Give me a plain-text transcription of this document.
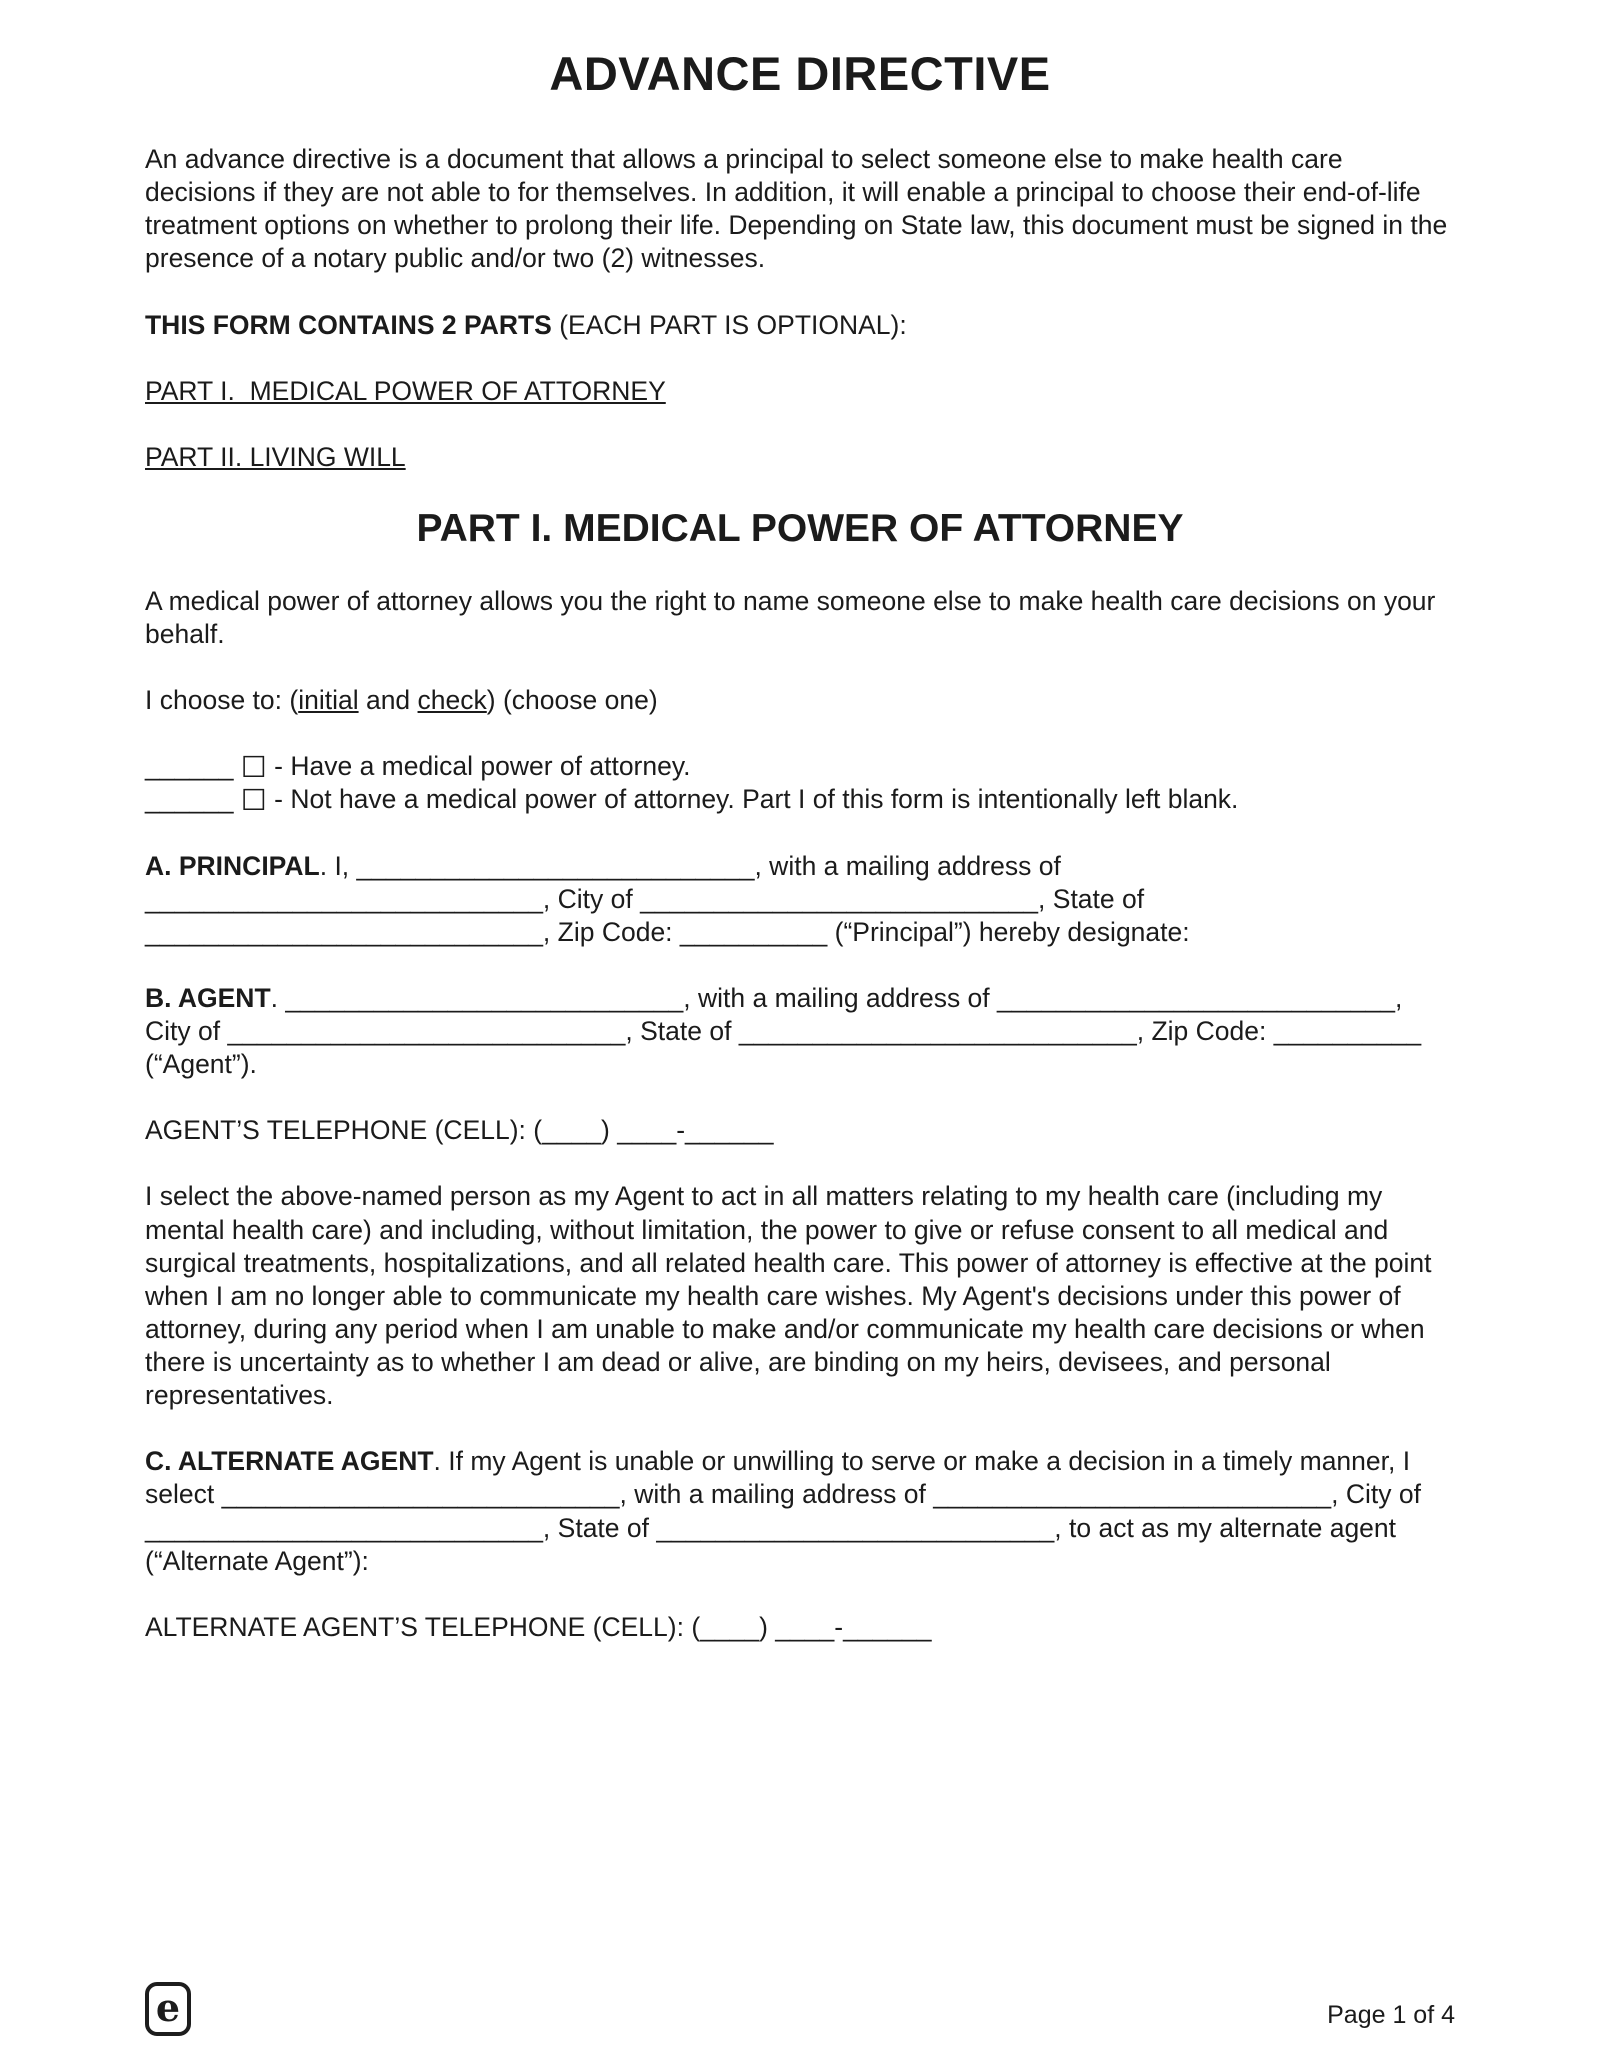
ADVANCE DIRECTIVE

An advance directive is a document that allows a principal to select someone else to make health care decisions if they are not able to for themselves. In addition, it will enable a principal to choose their end-of-life treatment options on whether to prolong their life. Depending on State law, this document must be signed in the presence of a notary public and/or two (2) witnesses.

THIS FORM CONTAINS 2 PARTS (EACH PART IS OPTIONAL):

PART I.  MEDICAL POWER OF ATTORNEY

PART II. LIVING WILL

PART I. MEDICAL POWER OF ATTORNEY

A medical power of attorney allows you the right to name someone else to make health care decisions on your behalf.

I choose to: (initial and check) (choose one)

______ ☐ - Have a medical power of attorney.

______ ☐ - Not have a medical power of attorney. Part I of this form is intentionally left blank.

A. PRINCIPAL. I, ___________________________, with a mailing address of ___________________________, City of ___________________________, State of ___________________________, Zip Code: __________ (“Principal”) hereby designate:

B. AGENT. ___________________________, with a mailing address of ___________________________, City of ___________________________, State of ___________________________, Zip Code: __________ (“Agent”).

AGENT’S TELEPHONE (CELL): (____) ____-______

I select the above-named person as my Agent to act in all matters relating to my health care (including my mental health care) and including, without limitation, the power to give or refuse consent to all medical and surgical treatments, hospitalizations, and all related health care. This power of attorney is effective at the point when I am no longer able to communicate my health care wishes. My Agent's decisions under this power of attorney, during any period when I am unable to make and/or communicate my health care decisions or when there is uncertainty as to whether I am dead or alive, are binding on my heirs, devisees, and personal representatives.

C. ALTERNATE AGENT. If my Agent is unable or unwilling to serve or make a decision in a timely manner, I select ___________________________, with a mailing address of ___________________________, City of ___________________________, State of ___________________________, to act as my alternate agent (“Alternate Agent”):

ALTERNATE AGENT’S TELEPHONE (CELL): (____) ____-______

e	Page 1 of 4
